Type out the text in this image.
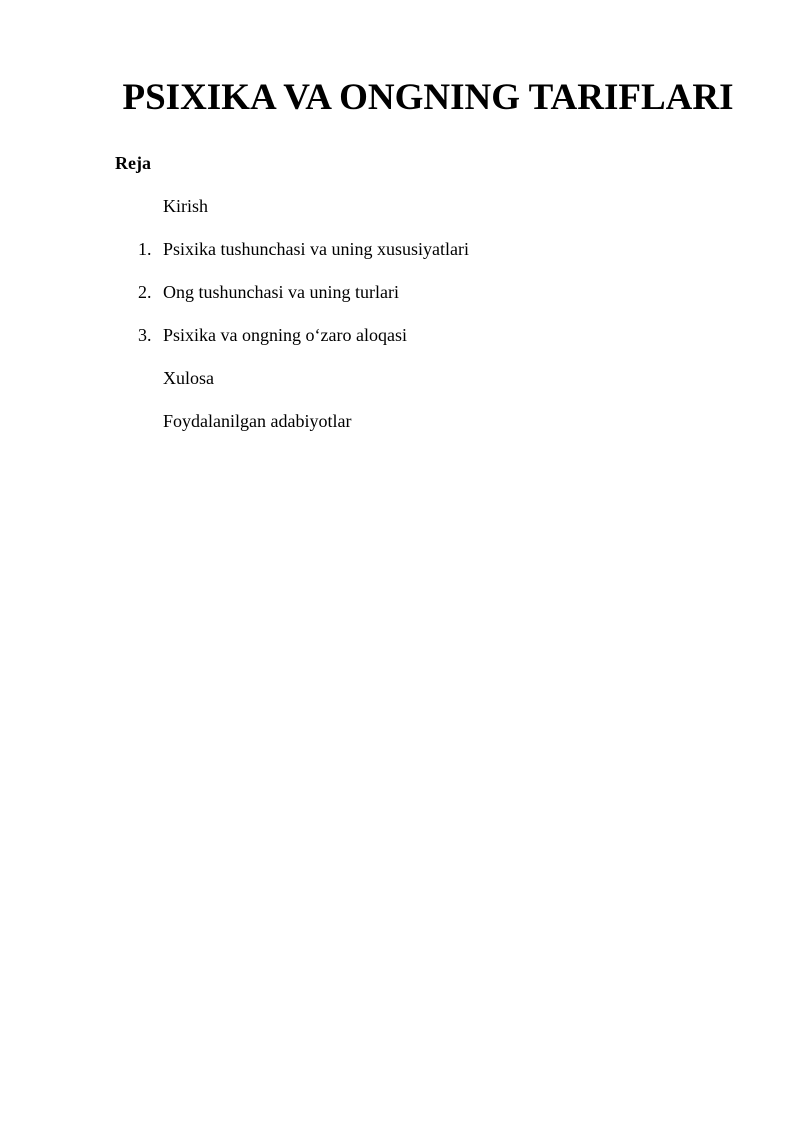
PSIXIKA VA ONGNING TARIFLARI

Reja

Kirish
1. Psixika tushunchasi va uning xususiyatlari
2. Ong tushunchasi va uning turlari
3. Psixika va ongning o‘zaro aloqasi
Xulosa
Foydalanilgan adabiyotlar
